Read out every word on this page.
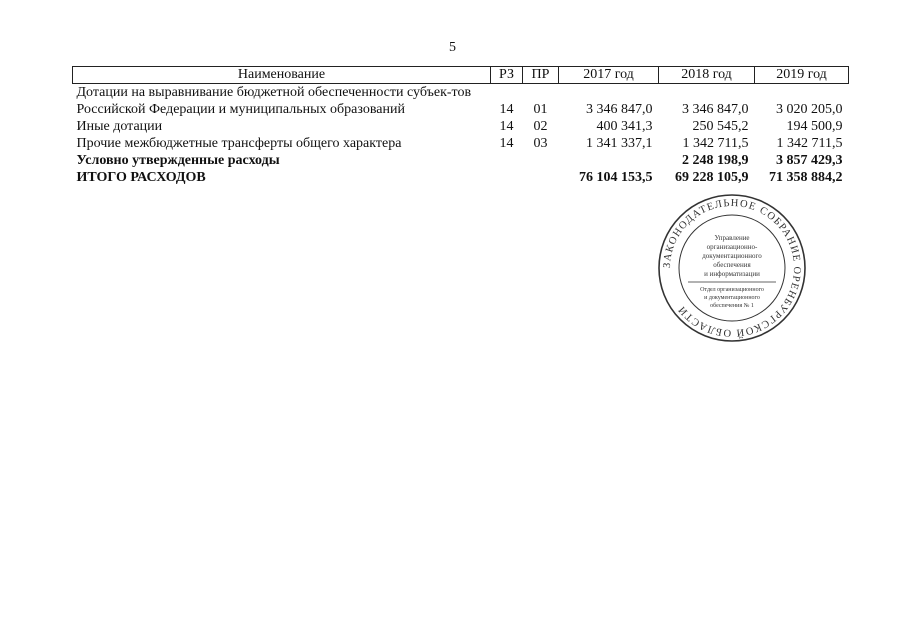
5
Наименование	РЗ	ПР	2017 год	2018 год	2019 год
Дотации на выравнивание бюджетной обеспеченности субъек-тов Российской Федерации и муниципальных образований	14	01	3 346 847,0	3 346 847,0	3 020 205,0
Иные дотации	14	02	400 341,3	250 545,2	194 500,9
Прочие межбюджетные трансферты общего характера	14	03	1 341 337,1	1 342 711,5	1 342 711,5
Условно утвержденные расходы				2 248 198,9	3 857 429,3
ИТОГО РАСХОДОВ			76 104 153,5	69 228 105,9	71 358 884,2
ЗАКОНОДАТЕЛЬНОЕ СОБРАНИЕ ОРЕНБУРГСКОЙ ОБЛАСТИ
Управление
организационно-
документационного
обеспечения
и информатизации
Отдел организационного
и документационного
обеспечения № 1
